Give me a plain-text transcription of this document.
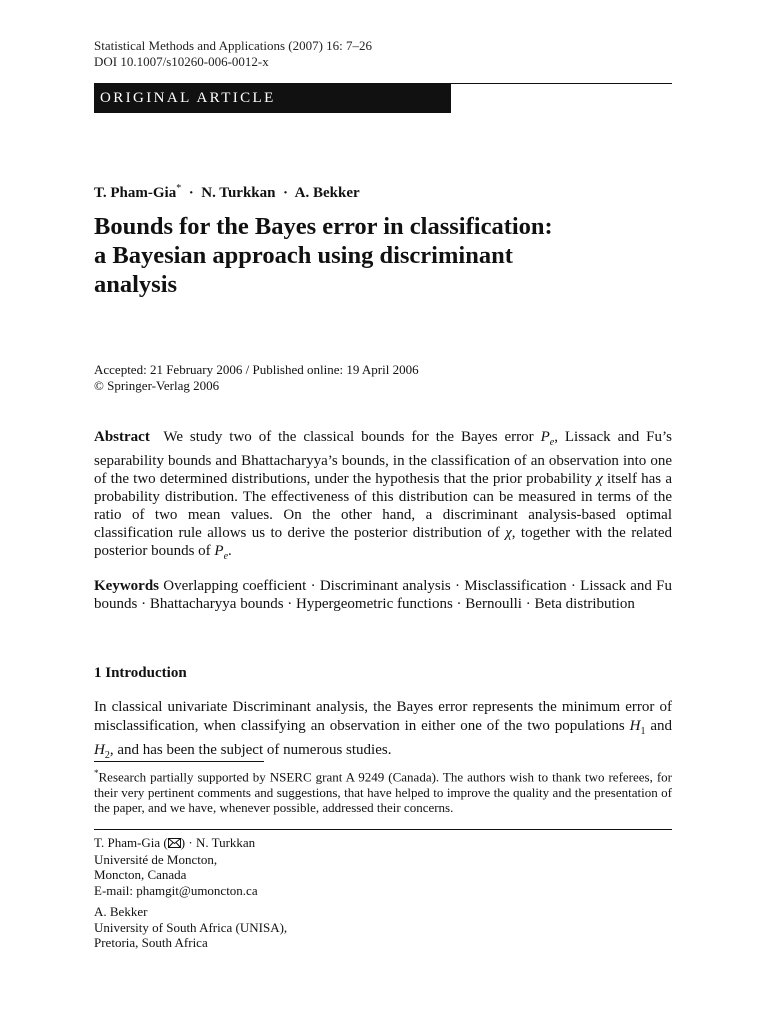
Statistical Methods and Applications (2007) 16: 7–26
DOI 10.1007/s10260-006-0012-x
ORIGINAL ARTICLE
T. Pham-Gia* · N. Turkkan · A. Bekker
Bounds for the Bayes error in classification:
a Bayesian approach using discriminant
analysis
Accepted: 21 February 2006 / Published online: 19 April 2006
© Springer-Verlag 2006
Abstract We study two of the classical bounds for the Bayes error $P_e$, Lissack and Fu’s separability bounds and Bhattacharyya’s bounds, in the classification of an observation into one of the two determined distributions, under the hypothesis that the prior probability χ itself has a probability distribution. The effectiveness of this distribution can be measured in terms of the ratio of two mean values. On the other hand, a discriminant analysis-based optimal classification rule allows us to derive the posterior distribution of χ, together with the related posterior bounds of $P_e$.
Keywords Overlapping coefficient · Discriminant analysis · Misclassification · Lissack and Fu bounds · Bhattacharyya bounds · Hypergeometric functions · Bernoulli · Beta distribution
1 Introduction
In classical univariate Discriminant analysis, the Bayes error represents the minimum error of misclassification, when classifying an observation in either one of the two populations $H_1$ and $H_2$, and has been the subject of numerous studies.
*Research partially supported by NSERC grant A 9249 (Canada). The authors wish to thank two referees, for their very pertinent comments and suggestions, that have helped to improve the quality and the presentation of the paper, and we have, whenever possible, addressed their concerns.
T. Pham-Gia ( ) · N. Turkkan
Université de Moncton,
Moncton, Canada
E-mail: phamgit@umoncton.ca
A. Bekker
University of South Africa (UNISA),
Pretoria, South Africa
